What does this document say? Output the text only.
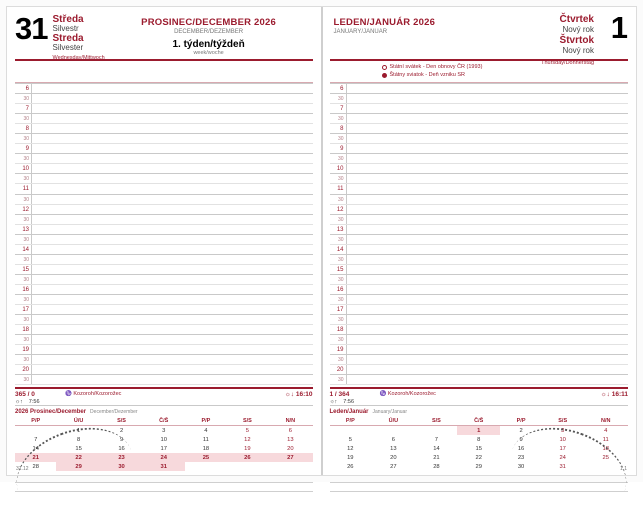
31 Středa
Silvestr
Streda
Silvester
Wednesday/Mittwoch
PROSINEC/DECEMBER 2026
DECEMBER/DEZEMBER
1. týden/týždeň
week/woche
6
30
7
30
8
30
9
30
10
30
11
30
12
30
13
30
14
30
15
30
16
30
17
30
18
30
19
30
20
30
365 / 0
☼↑ 7:56
♑ Kozoroh/Kozorožec	☼↓ 16:10
2026 Prosinec/December December/Dezember
P/P	Ú/U	S/S	Č/Š	P/P	S/S	N/N
	1	2	3	4	5	6
7	8	9	10	11	12	13
14	15	16	17	18	19	20
21	22	23	24	25	26	27
28	29	30	31			
31.12
LEDEN/JANUÁR 2026
JANUARY/JANUAR
Čtvrtek
Nový rok
Štvrtok
Nový rok
Thursday/Donnerstag
1
Státní svátek - Den obnovy ČR (1993)
Štátny sviatok - Deň vzniku SR
6
30
7
30
8
30
9
30
10
30
11
30
12
30
13
30
14
30
15
30
16
30
17
30
18
30
19
30
20
30
1 / 364
☼↑ 7:56
♑ Kozoroh/Kozorožec	☼↓ 16:11
Leden/Január January/Januar
P/P	Ú/U	S/S	Č/Š	P/P	S/S	N/N
			1	2	3	4
5	6	7	8	9	10	11
12	13	14	15	16	17	18
19	20	21	22	23	24	25
26	27	28	29	30	31		1.1
